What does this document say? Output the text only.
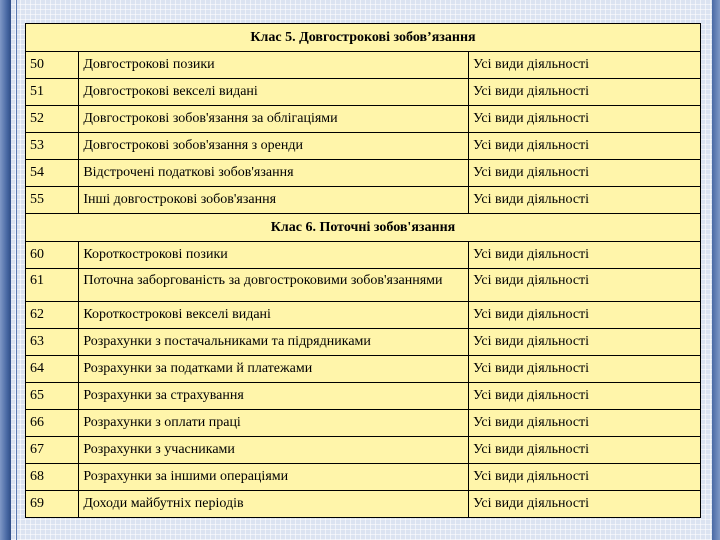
Клас 5. Довгострокові зобов’язання		
50	Довгострокові позики	Усі види діяльності
51	Довгострокові векселі видані	Усі види діяльності
52	Довгострокові зобов'язання за облігаціями	Усі види діяльності
53	Довгострокові зобов'язання з оренди	Усі види діяльності
54	Відстрочені податкові зобов'язання	Усі види діяльності
55	Інші довгострокові зобов'язання	Усі види діяльності
Клас 6. Поточні зобов'язання		
60	Короткострокові позики	Усі види діяльності
61	Поточна заборгованість за довгостроковими зобов'язаннями	Усі види діяльності
62	Короткострокові векселі видані	Усі види діяльності
63	Розрахунки з постачальниками та підрядниками	Усі види діяльності
64	Розрахунки за податками й платежами	Усі види діяльності
65	Розрахунки за страхування	Усі види діяльності
66	Розрахунки з оплати праці	Усі види діяльності
67	Розрахунки з учасниками	Усі види діяльності
68	Розрахунки за іншими операціями	Усі види діяльності
69	Доходи майбутніх періодів	Усі види діяльності
